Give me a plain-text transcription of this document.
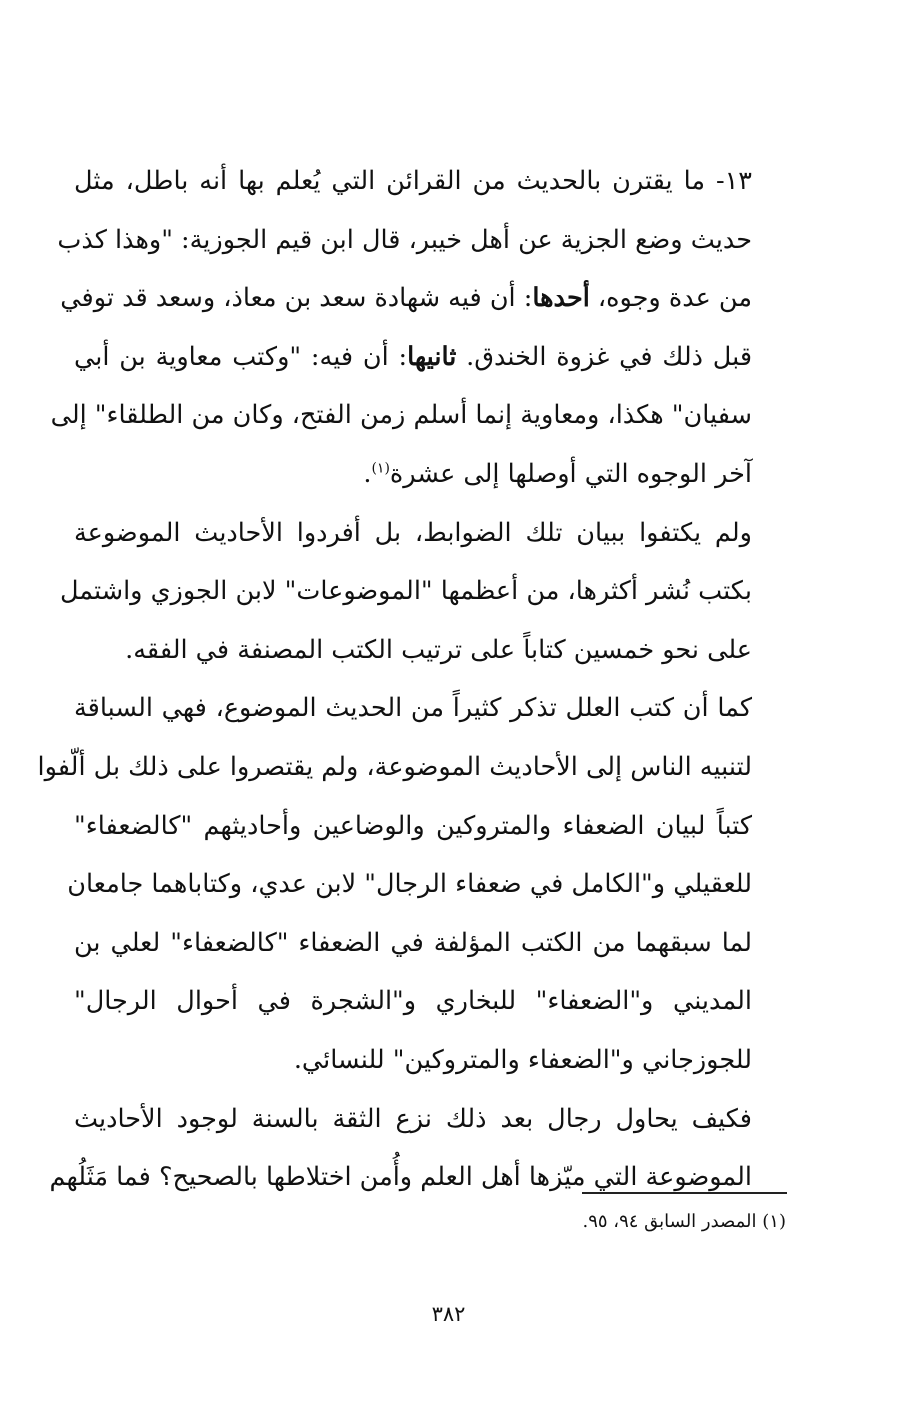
١٣- ما يقترن بالحديث من القرائن التي يُعلم بها أنه باطل، مثل
حديث وضع الجزية عن أهل خيبر، قال ابن قيم الجوزية: "وهذا كذب
من عدة وجوه، أحدها: أن فيه شهادة سعد بن معاذ، وسعد قد توفي
قبل ذلك في غزوة الخندق. ثانيها: أن فيه: "وكتب معاوية بن أبي
سفيان" هكذا، ومعاوية إنما أسلم زمن الفتح، وكان من الطلقاء" إلى
آخر الوجوه التي أوصلها إلى عشرة$^{(١)}$.

ولم يكتفوا ببيان تلك الضوابط، بل أفردوا الأحاديث الموضوعة
بكتب نُشر أكثرها، من أعظمها "الموضوعات" لابن الجوزي واشتمل
على نحو خمسين كتاباً على ترتيب الكتب المصنفة في الفقه.

كما أن كتب العلل تذكر كثيراً من الحديث الموضوع، فهي السباقة
لتنبيه الناس إلى الأحاديث الموضوعة، ولم يقتصروا على ذلك بل ألّفوا
كتباً لبيان الضعفاء والمتروكين والوضاعين وأحاديثهم "كالضعفاء"
للعقيلي و"الكامل في ضعفاء الرجال" لابن عدي، وكتاباهما جامعان
لما سبقهما من الكتب المؤلفة في الضعفاء "كالضعفاء" لعلي بن
المديني و"الضعفاء" للبخاري و"الشجرة في أحوال الرجال"
للجوزجاني و"الضعفاء والمتروكين" للنسائي.

فكيف يحاول رجال بعد ذلك نزع الثقة بالسنة لوجود الأحاديث
الموضوعة التي ميّزها أهل العلم وأُمن اختلاطها بالصحيح؟ فما مَثَلُهم

(١) المصدر السابق ٩٤، ٩٥.
٣٨٢
